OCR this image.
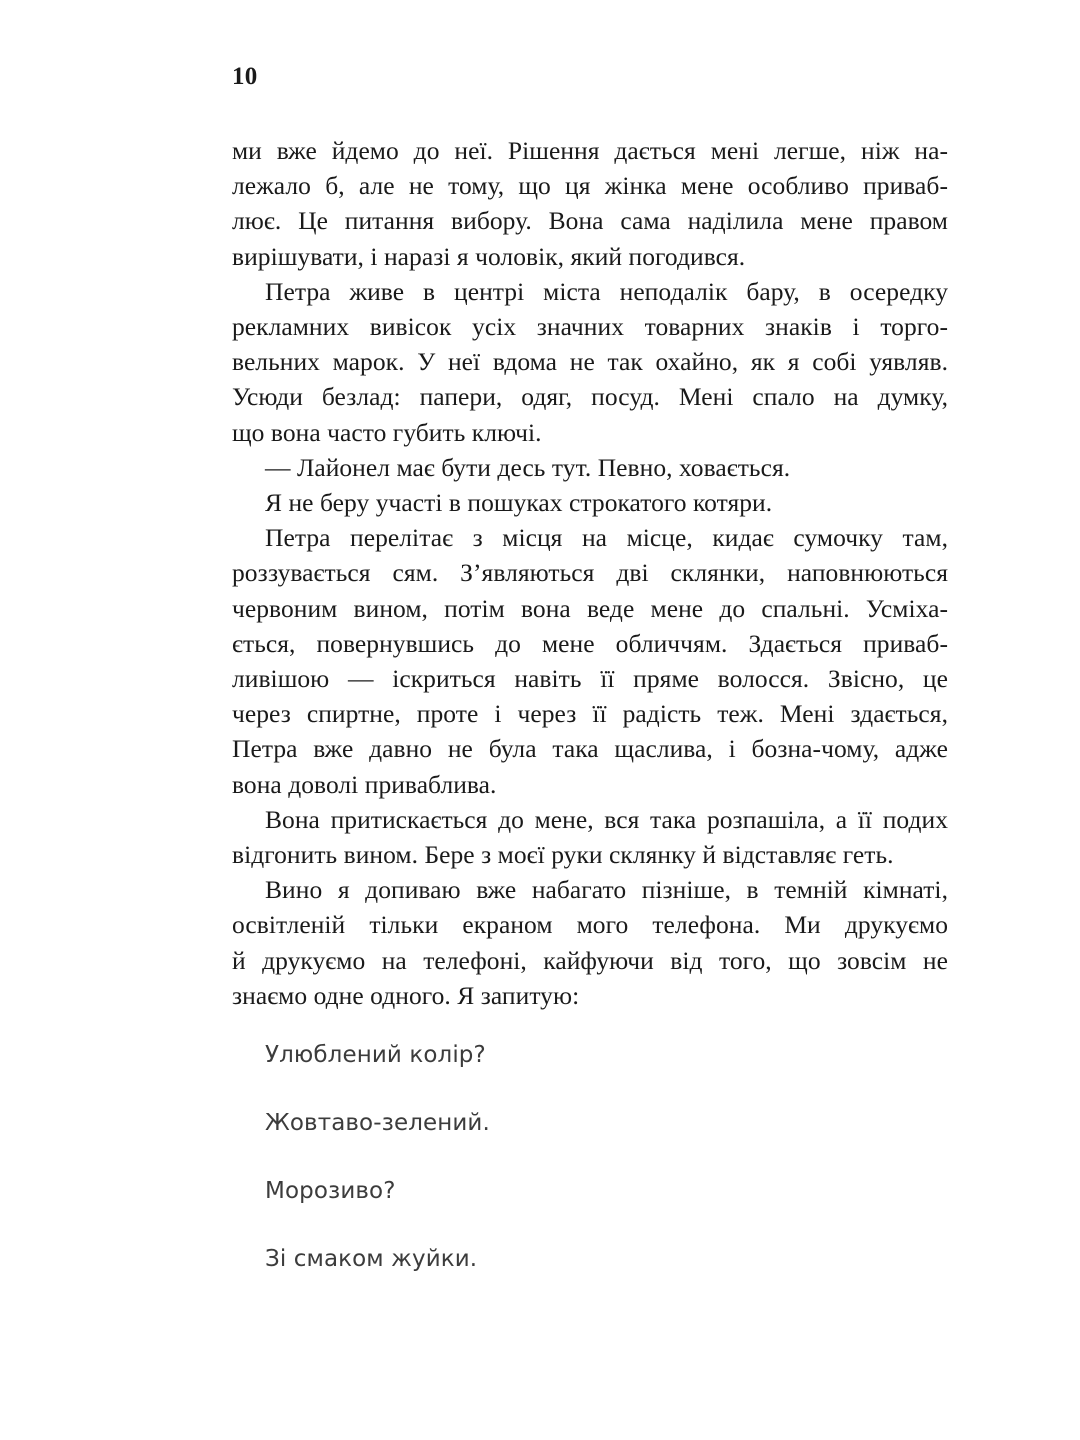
10
ми вже йдемо до неї. Рішення дається мені легше, ніж на-
лежало б, але не тому, що ця жінка мене особливо приваб-
лює. Це питання вибору. Вона сама наділила мене правом
вирішувати, і наразі я чоловік, який погодився.
Петра живе в центрі міста неподалік бару, в осередку
рекламних вивісок усіх значних товарних знаків і торго-
вельних марок. У неї вдома не так охайно, як я собі уявляв.
Усюди безлад: папери, одяг, посуд. Мені спало на думку,
що вона часто губить ключі.
— Лайонел має бути десь тут. Певно, ховається.
Я не беру участі в пошуках строкатого котяри.
Петра перелітає з місця на місце, кидає сумочку там,
роззувається сям. З’являються дві склянки, наповнюються
червоним вином, потім вона веде мене до спальні. Усміха-
ється, повернувшись до мене обличчям. Здається приваб-
ливішою — іскриться навіть її пряме волосся. Звісно, це
через спиртне, проте і через її радість теж. Мені здається,
Петра вже давно не була така щаслива, і бозна-чому, адже
вона доволі приваблива.
Вона притискається до мене, вся така розпашіла, а її подих
відгонить вином. Бере з моєї руки склянку й відставляє геть.
Вино я допиваю вже набагато пізніше, в темній кімнаті,
освітленій тільки екраном мого телефона. Ми друкуємо
й друкуємо на телефоні, кайфуючи від того, що зовсім не
знаємо одне одного. Я запитую:
Улюблений колір?
Жовтаво-зелений.
Морозиво?
Зі смаком жуйки.
